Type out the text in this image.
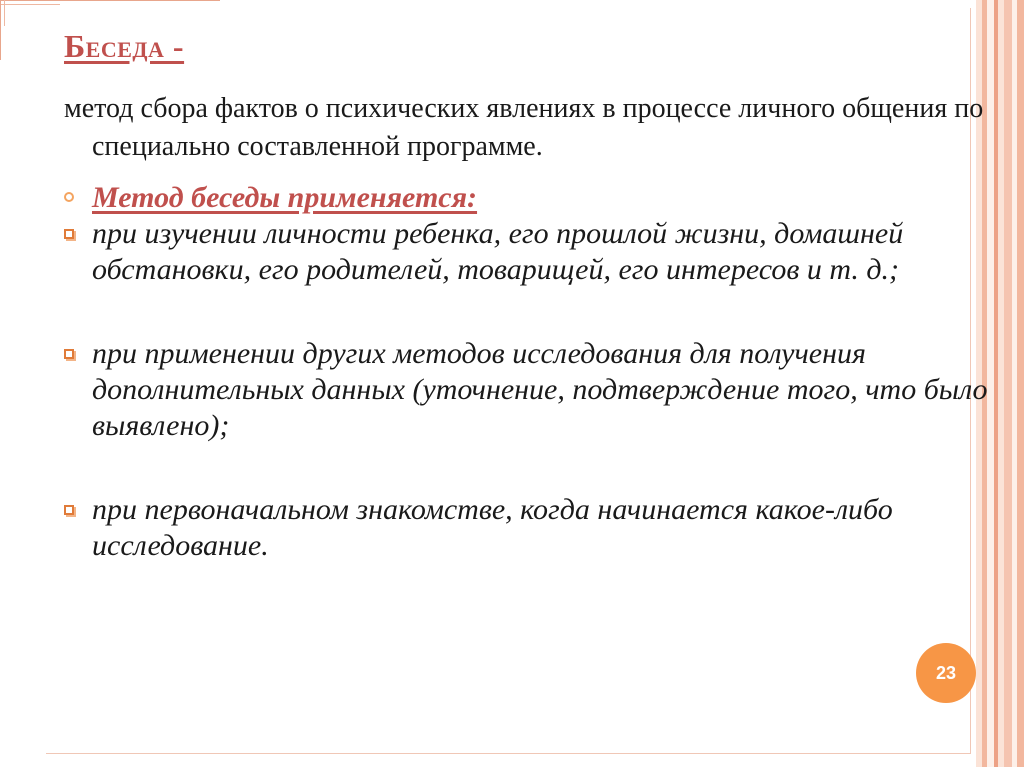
Беседа -

метод сбора фактов о психических явлениях в процессе личного общения по специально составленной программе.

Метод беседы применяется:
при изучении личности ребенка, его прошлой жизни, домашней обстановки, его родителей, товарищей, его интересов и т. д.;
при применении других методов исследования для получения дополнительных данных (уточнение, подтверждение того, что было выявлено);
при первоначальном знакомстве, когда начинается какое-либо исследование.
23
